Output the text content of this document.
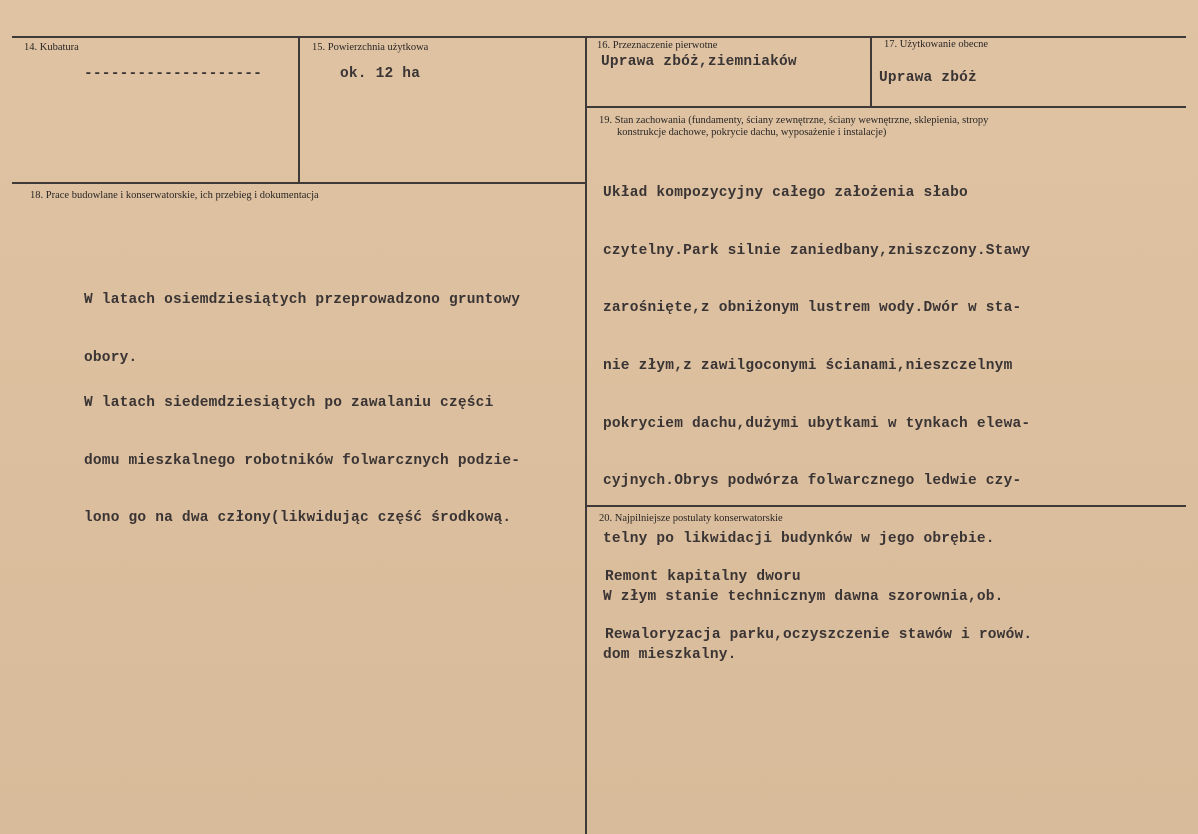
14. Kubatura
--------------------
15. Powierzchnia użytkowa
ok. 12 ha
16. Przeznaczenie pierwotne
Uprawa zbóż,ziemniaków
17. Użytkowanie obecne
Uprawa zbóż
18. Prace budowlane i konserwatorskie, ich przebieg i dokumentacja

W latach osiemdziesiątych przeprowadzono gruntowy

obory.

W latach siedemdziesiątych po zawalaniu części

domu mieszkalnego robotników folwarcznych podzie-

lono go na dwa człony(likwidując część środkową.

19. Stan zachowania (fundamenty, ściany zewnętrzne, ściany wewnętrzne, sklepienia, stropy
konstrukcje dachowe, pokrycie dachu, wyposażenie i instalacje)

Układ kompozycyjny całego założenia słabo

czytelny.Park silnie zaniedbany,zniszczony.Stawy

zarośnięte,z obniżonym lustrem wody.Dwór w sta-

nie złym,z zawilgoconymi ścianami,nieszczelnym

pokryciem dachu,dużymi ubytkami w tynkach elewa-

cyjnych.Obrys podwórza folwarcznego ledwie czy-

telny po likwidacji budynków w jego obrębie.

W złym stanie technicznym dawna szorownia,ob.

dom mieszkalny.

20. Najpilniejsze postulaty konserwatorskie

Remont kapitalny dworu

Rewaloryzacja parku,oczyszczenie stawów i rowów.
